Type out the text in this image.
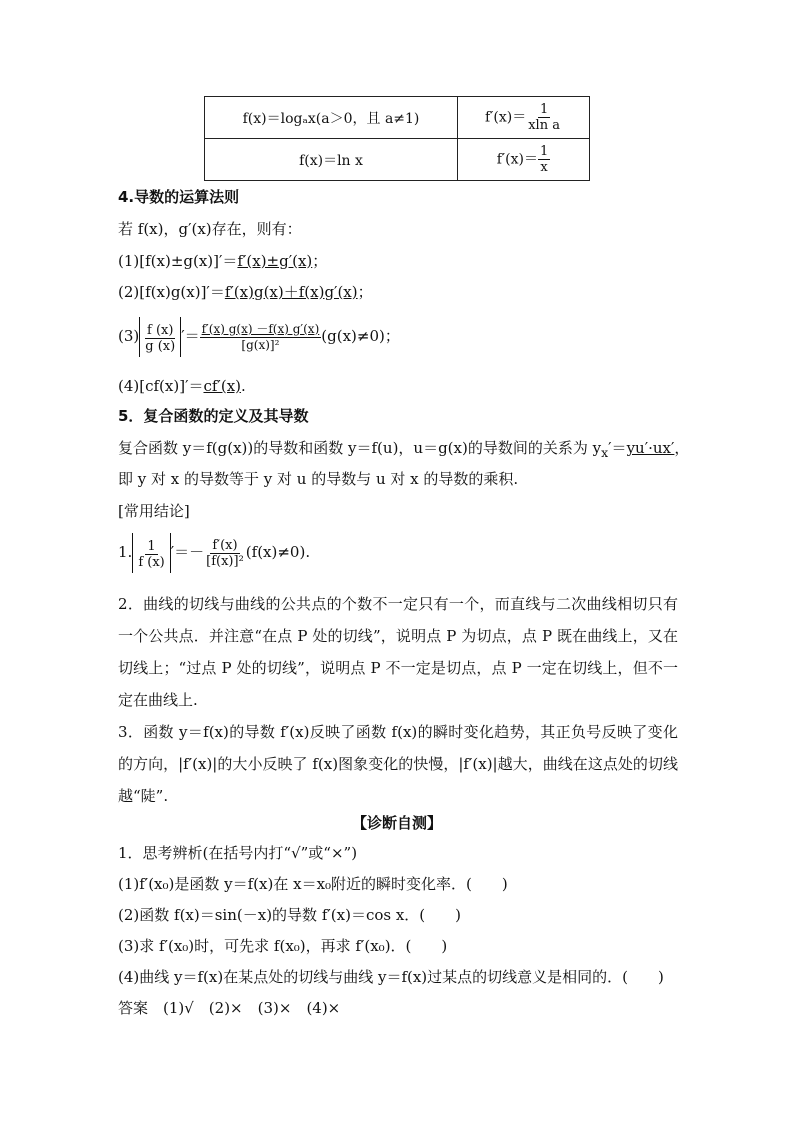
f(x)＝logₐx(a＞0，且 a≠1)	$f'(x)= \frac{1}{\text{xln a}}$

f(x)＝ln x	$f'(x)= \frac{1}{x}$
4.导数的运算法则
若 f(x)，g′(x)存在，则有：
(1)[f(x)±g(x)]′＝f′(x)±g′(x)；
(2)[f(x)g(x)]′＝f′(x)g(x)＋f(x)g′(x)；
$(3) \frac{f (x)}{g (x)}$ ′＝ $\frac{f'(x) g(x) -f(x) g'(x)}{\text{[g(x)]²}} (g(x)\ne 0)$；
(4)[cf(x)]′＝cf′(x).
5．复合函数的定义及其导数
复合函数 y＝f(g(x))的导数和函数 y＝f(u)，u＝g(x)的导数间的关系为 $y_x'=yu'\cdot ux'$，
即 y 对 x 的导数等于 y 对 u 的导数与 u 对 x 的导数的乘积.
[常用结论]
1. $\frac{1}{f (x)}$ ′＝－ $\frac{f'(x)}{\text{[f(x)]²}} (f(x)\ne 0)$.
2．曲线的切线与曲线的公共点的个数不一定只有一个，而直线与二次曲线相切只有一个公共点．并注意“在点 P 处的切线”，说明点 P 为切点，点 P 既在曲线上，又在切线上；“过点 P 处的切线”，说明点 P 不一定是切点，点 P 一定在切线上，但不一定在曲线上.
3．函数 y＝f(x)的导数 f′(x)反映了函数 f(x)的瞬时变化趋势，其正负号反映了变化的方向，|f′(x)|的大小反映了 f(x)图象变化的快慢，|f′(x)|越大，曲线在这点处的切线越“陡”.
【诊断自测】
1．思考辨析(在括号内打“√”或“×”)
(1)f′(x₀)是函数 y＝f(x)在 x＝x₀附近的瞬时变化率．(　　)
(2)函数 f(x)＝sin(－x)的导数 f′(x)＝cos x．(　　)
(3)求 f′(x₀)时，可先求 f(x₀)，再求 f′(x₀)．(　　)
(4)曲线 y＝f(x)在某点处的切线与曲线 y＝f(x)过某点的切线意义是相同的．(　　)
答案　(1)√　(2)×　(3)×　(4)×
